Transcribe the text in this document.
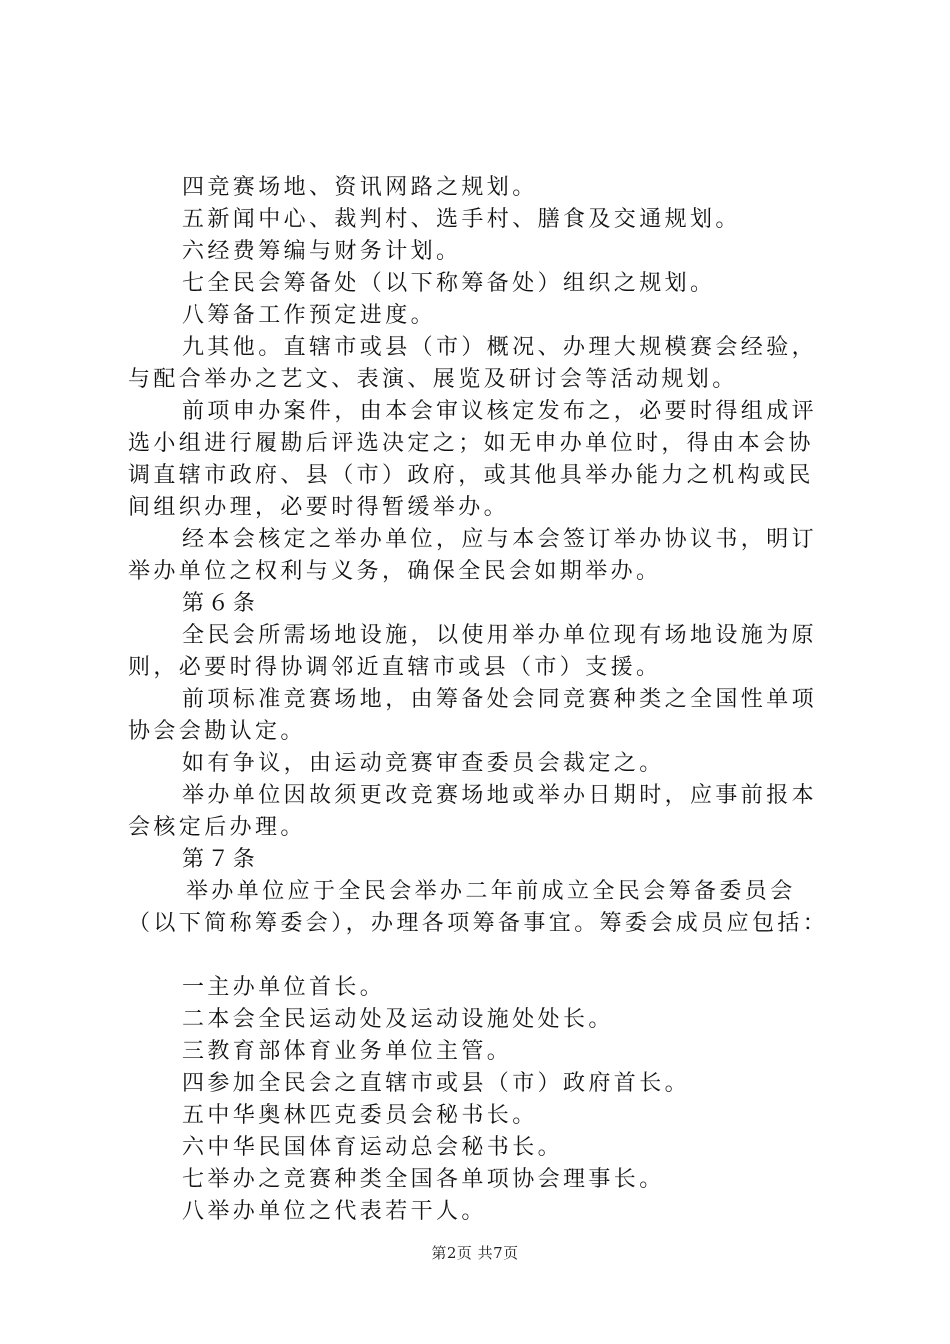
四竞赛场地、资讯网路之规划。

五新闻中心、裁判村、选手村、膳食及交通规划。

六经费筹编与财务计划。

七全民会筹备处（以下称筹备处）组织之规划。

八筹备工作预定进度。

九其他。直辖市或县（市）概况、办理大规模赛会经验，与配合举办之艺文、表演、展览及研讨会等活动规划。

前项申办案件，由本会审议核定发布之，必要时得组成评选小组进行履勘后评选决定之；如无申办单位时，得由本会协调直辖市政府、县（市）政府，或其他具举办能力之机构或民间组织办理，必要时得暂缓举办。

经本会核定之举办单位，应与本会签订举办协议书，明订举办单位之权利与义务，确保全民会如期举办。

第６条

全民会所需场地设施，以使用举办单位现有场地设施为原则，必要时得协调邻近直辖市或县（市）支援。

前项标准竞赛场地，由筹备处会同竞赛种类之全国性单项协会会勘认定。

如有争议，由运动竞赛审查委员会裁定之。

举办单位因故须更改竞赛场地或举办日期时，应事前报本会核定后办理。

第７条

举办单位应于全民会举办二年前成立全民会筹备委员会（以下简称筹委会），办理各项筹备事宜。筹委会成员应包括：

一主办单位首长。

二本会全民运动处及运动设施处处长。

三教育部体育业务单位主管。

四参加全民会之直辖市或县（市）政府首长。

五中华奥林匹克委员会秘书长。

六中华民国体育运动总会秘书长。

七举办之竞赛种类全国各单项协会理事长。

八举办单位之代表若干人。

第2页 共7页
